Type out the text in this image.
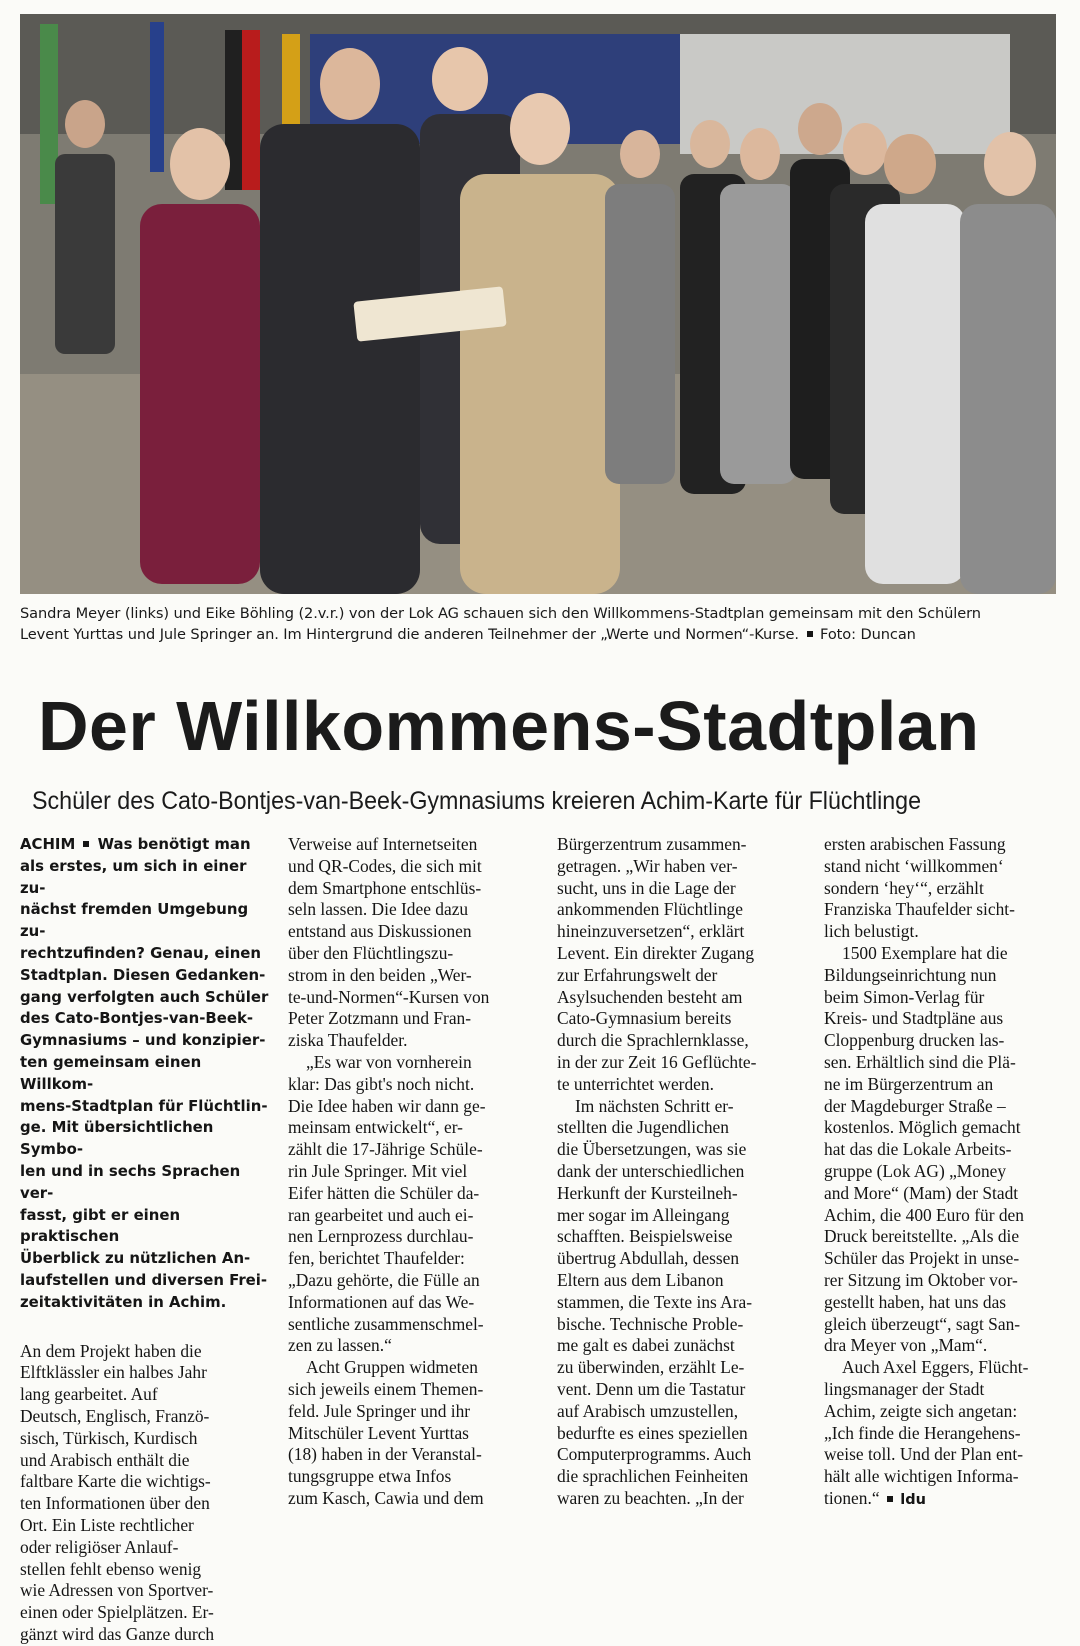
Sandra Meyer (links) und Eike Böhling (2.v.r.) von der Lok AG schauen sich den Willkommens-Stadtplan gemeinsam mit den Schülern
Levent Yurttas und Jule Springer an. Im Hintergrund die anderen Teilnehmer der „Werte und Normen“-Kurse. Foto: Duncan
Der Willkommens-Stadtplan
Schüler des Cato-Bontjes-van-Beek-Gymnasiums kreieren Achim-Karte für Flüchtlinge
ACHIM Was benötigt man
als erstes, um sich in einer zu-
nächst fremden Umgebung zu-
rechtzufinden? Genau, einen
Stadtplan. Diesen Gedanken-
gang verfolgten auch Schüler
des Cato-Bontjes-van-Beek-
Gymnasiums – und konzipier-
ten gemeinsam einen Willkom-
mens-Stadtplan für Flüchtlin-
ge. Mit übersichtlichen Symbo-
len und in sechs Sprachen ver-
fasst, gibt er einen praktischen
Überblick zu nützlichen An-
laufstellen und diversen Frei-
zeitaktivitäten in Achim.

An dem Projekt haben die
Elftklässler ein halbes Jahr
lang gearbeitet. Auf
Deutsch, Englisch, Franzö-
sisch, Türkisch, Kurdisch
und Arabisch enthält die
faltbare Karte die wichtigs-
ten Informationen über den
Ort. Ein Liste rechtlicher
oder religiöser Anlauf-
stellen fehlt ebenso wenig
wie Adressen von Sportver-
einen oder Spielplätzen. Er-
gänzt wird das Ganze durch

Verweise auf Internetseiten
und QR-Codes, die sich mit
dem Smartphone entschlüs-
seln lassen. Die Idee dazu
entstand aus Diskussionen
über den Flüchtlingszu-
strom in den beiden „Wer-
te-und-Normen“-Kursen von
Peter Zotzmann und Fran-
ziska Thaufelder.

„Es war von vornherein
klar: Das gibt's noch nicht.
Die Idee haben wir dann ge-
meinsam entwickelt“, er-
zählt die 17-Jährige Schüle-
rin Jule Springer. Mit viel
Eifer hätten die Schüler da-
ran gearbeitet und auch ei-
nen Lernprozess durchlau-
fen, berichtet Thaufelder:
„Dazu gehörte, die Fülle an
Informationen auf das We-
sentliche zusammenschmel-
zen zu lassen.“

Acht Gruppen widmeten
sich jeweils einem Themen-
feld. Jule Springer und ihr
Mitschüler Levent Yurttas
(18) haben in der Veranstal-
tungsgruppe etwa Infos
zum Kasch, Cawia und dem

Bürgerzentrum zusammen-
getragen. „Wir haben ver-
sucht, uns in die Lage der
ankommenden Flüchtlinge
hineinzuversetzen“, erklärt
Levent. Ein direkter Zugang
zur Erfahrungswelt der
Asylsuchenden besteht am
Cato-Gymnasium bereits
durch die Sprachlernklasse,
in der zur Zeit 16 Geflüchte-
te unterrichtet werden.

Im nächsten Schritt er-
stellten die Jugendlichen
die Übersetzungen, was sie
dank der unterschiedlichen
Herkunft der Kursteilneh-
mer sogar im Alleingang
schafften. Beispielsweise
übertrug Abdullah, dessen
Eltern aus dem Libanon
stammen, die Texte ins Ara-
bische. Technische Proble-
me galt es dabei zunächst
zu überwinden, erzählt Le-
vent. Denn um die Tastatur
auf Arabisch umzustellen,
bedurfte es eines speziellen
Computerprogramms. Auch
die sprachlichen Feinheiten
waren zu beachten. „In der

ersten arabischen Fassung
stand nicht ‘willkommen‘
sondern ‘hey‘“, erzählt
Franziska Thaufelder sicht-
lich belustigt.

1500 Exemplare hat die
Bildungseinrichtung nun
beim Simon-Verlag für
Kreis- und Stadtpläne aus
Cloppenburg drucken las-
sen. Erhältlich sind die Plä-
ne im Bürgerzentrum an
der Magdeburger Straße –
kostenlos. Möglich gemacht
hat das die Lokale Arbeits-
gruppe (Lok AG) „Money
and More“ (Mam) der Stadt
Achim, die 400 Euro für den
Druck bereitstellte. „Als die
Schüler das Projekt in unse-
rer Sitzung im Oktober vor-
gestellt haben, hat uns das
gleich überzeugt“, sagt San-
dra Meyer von „Mam“.

Auch Axel Eggers, Flücht-
lingsmanager der Stadt
Achim, zeigte sich angetan:
„Ich finde die Herangehens-
weise toll. Und der Plan ent-
hält alle wichtigen Informa-
tionen.“ ldu
